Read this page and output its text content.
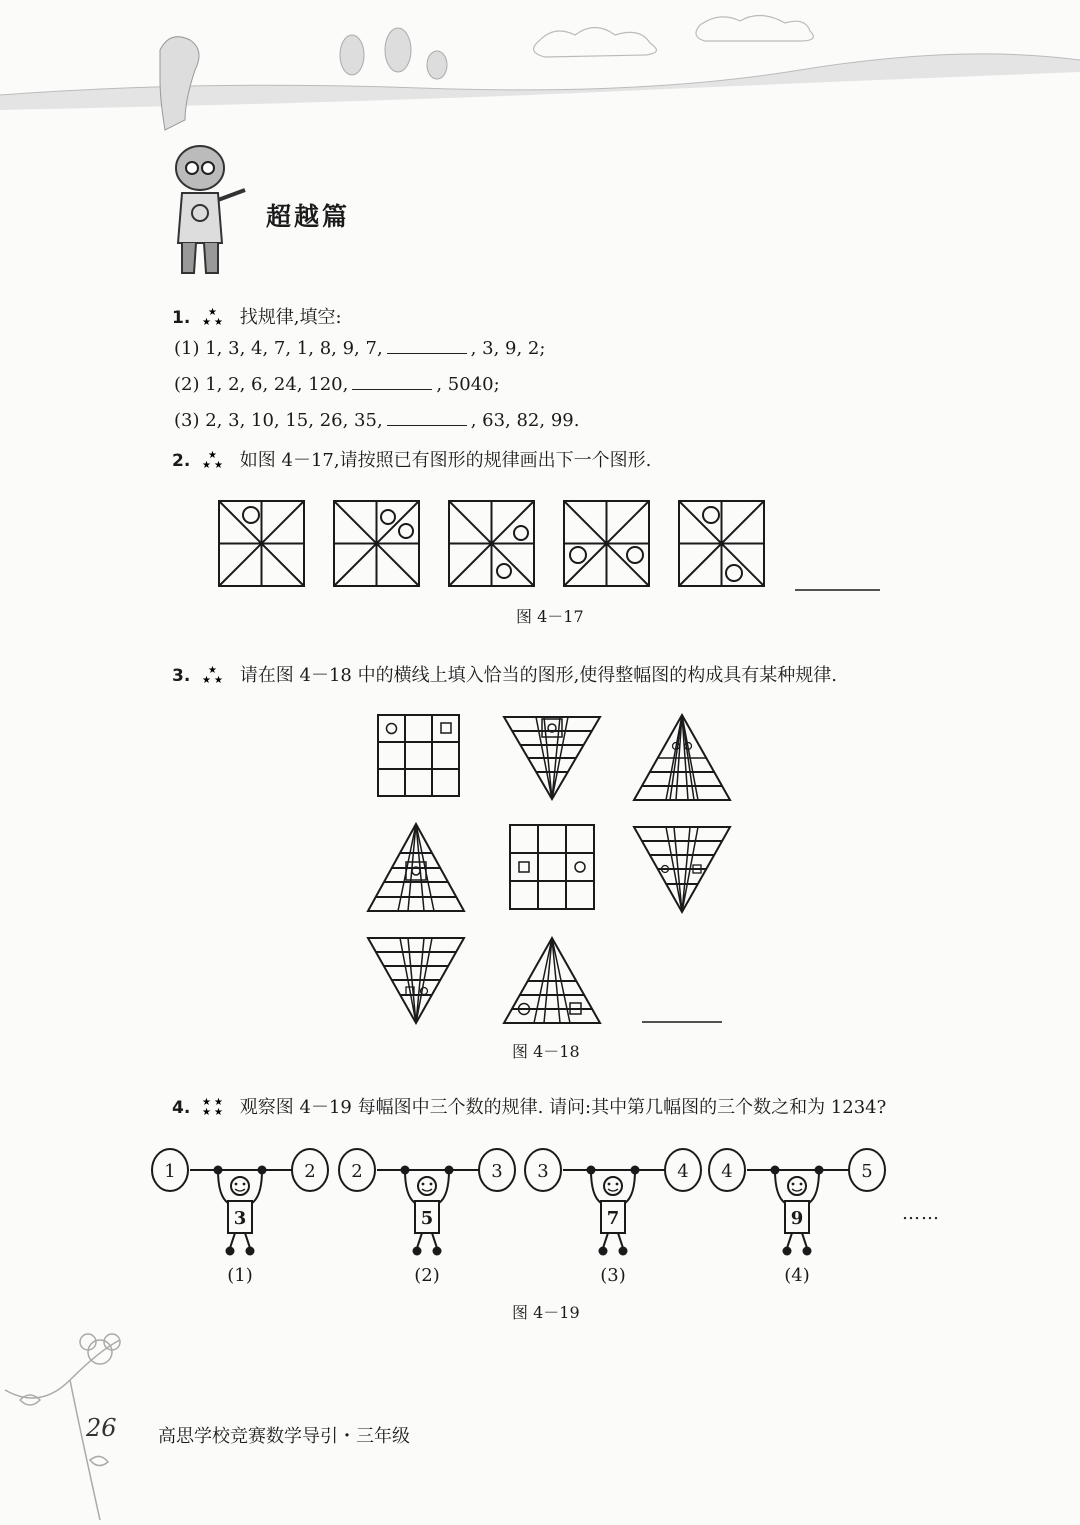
超越篇
1. ★
★ ★ 找规律,填空:
(1) 1, 3, 4, 7, 1, 8, 9, 7,	, 3, 9, 2;
(2) 1, 2, 6, 24, 120,	, 5040;
(3) 2, 3, 10, 15, 26, 35,	, 63, 82, 99.
2. ★
★ ★ 如图 4－17,请按照已有图形的规律画出下一个图形.
图 4－17
3. ★
★ ★ 请在图 4－18 中的横线上填入恰当的图形,使得整幅图的构成具有某种规律.
图 4－18
4. ★ ★
★ ★ 观察图 4－19 每幅图中三个数的规律. 请问:其中第几幅图的三个数之和为 1234?
1	2
3
(1)
2	3
5
(2)
3	4
7
(3)
4	5
9
(4)
……
图 4－19
26 高思学校竞赛数学导引・三年级
